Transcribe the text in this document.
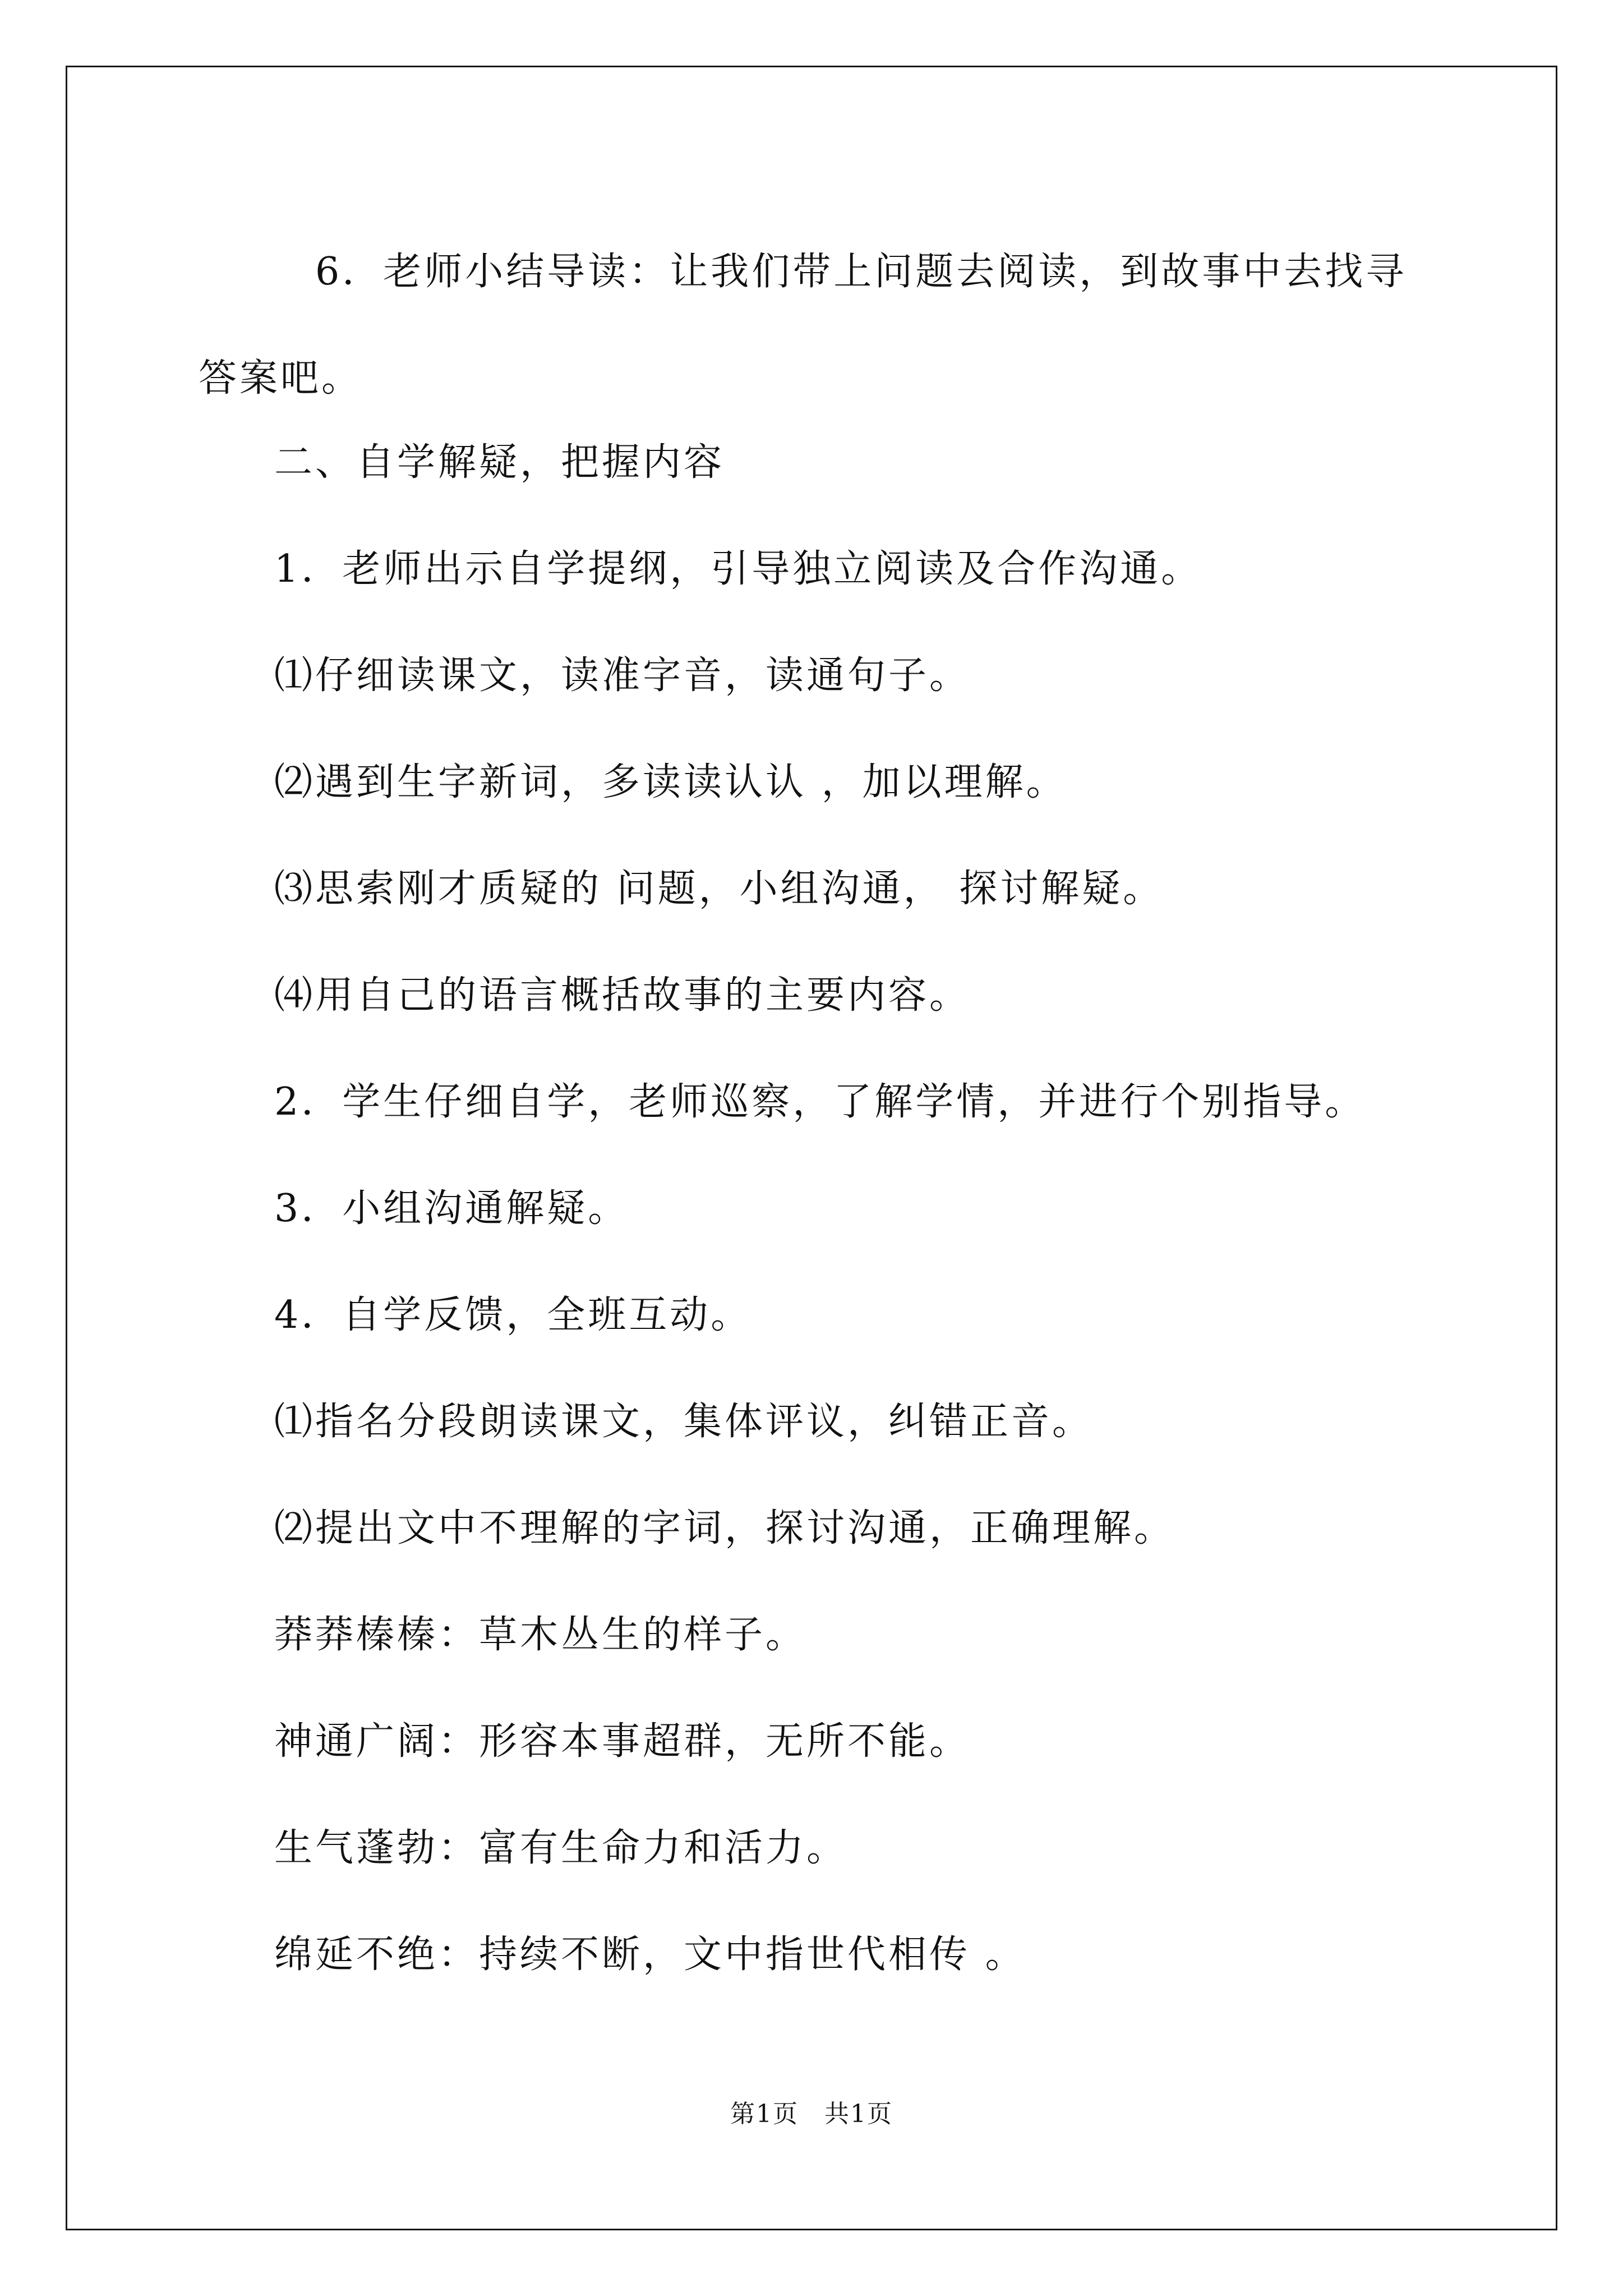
　6．老师小结导读：让我们带上问题去阅读，到故事中去找寻答案吧。

二、自学解疑，把握内容

1．老师出示自学提纲，引导独立阅读及合作沟通。

⑴仔细读课文，读准字音，读通句子。

⑵遇到生字新词，多读读认认 ，加以理解。

⑶思索刚才质疑的 问题，小组沟通， 探讨解疑。

⑷用自己的语言概括故事的主要内容。

2．学生仔细自学，老师巡察，了解学情，并进行个别指导。

3．小组沟通解疑。

4．自学反馈，全班互动。

⑴指名分段朗读课文，集体评议，纠错正音。

⑵提出文中不理解的字词，探讨沟通，正确理解。

莽莽榛榛：草木丛生的样子。

神通广阔：形容本事超群，无所不能。

生气蓬勃：富有生命力和活力。

绵延不绝：持续不断，文中指世代相传 。

第1页　共1页
